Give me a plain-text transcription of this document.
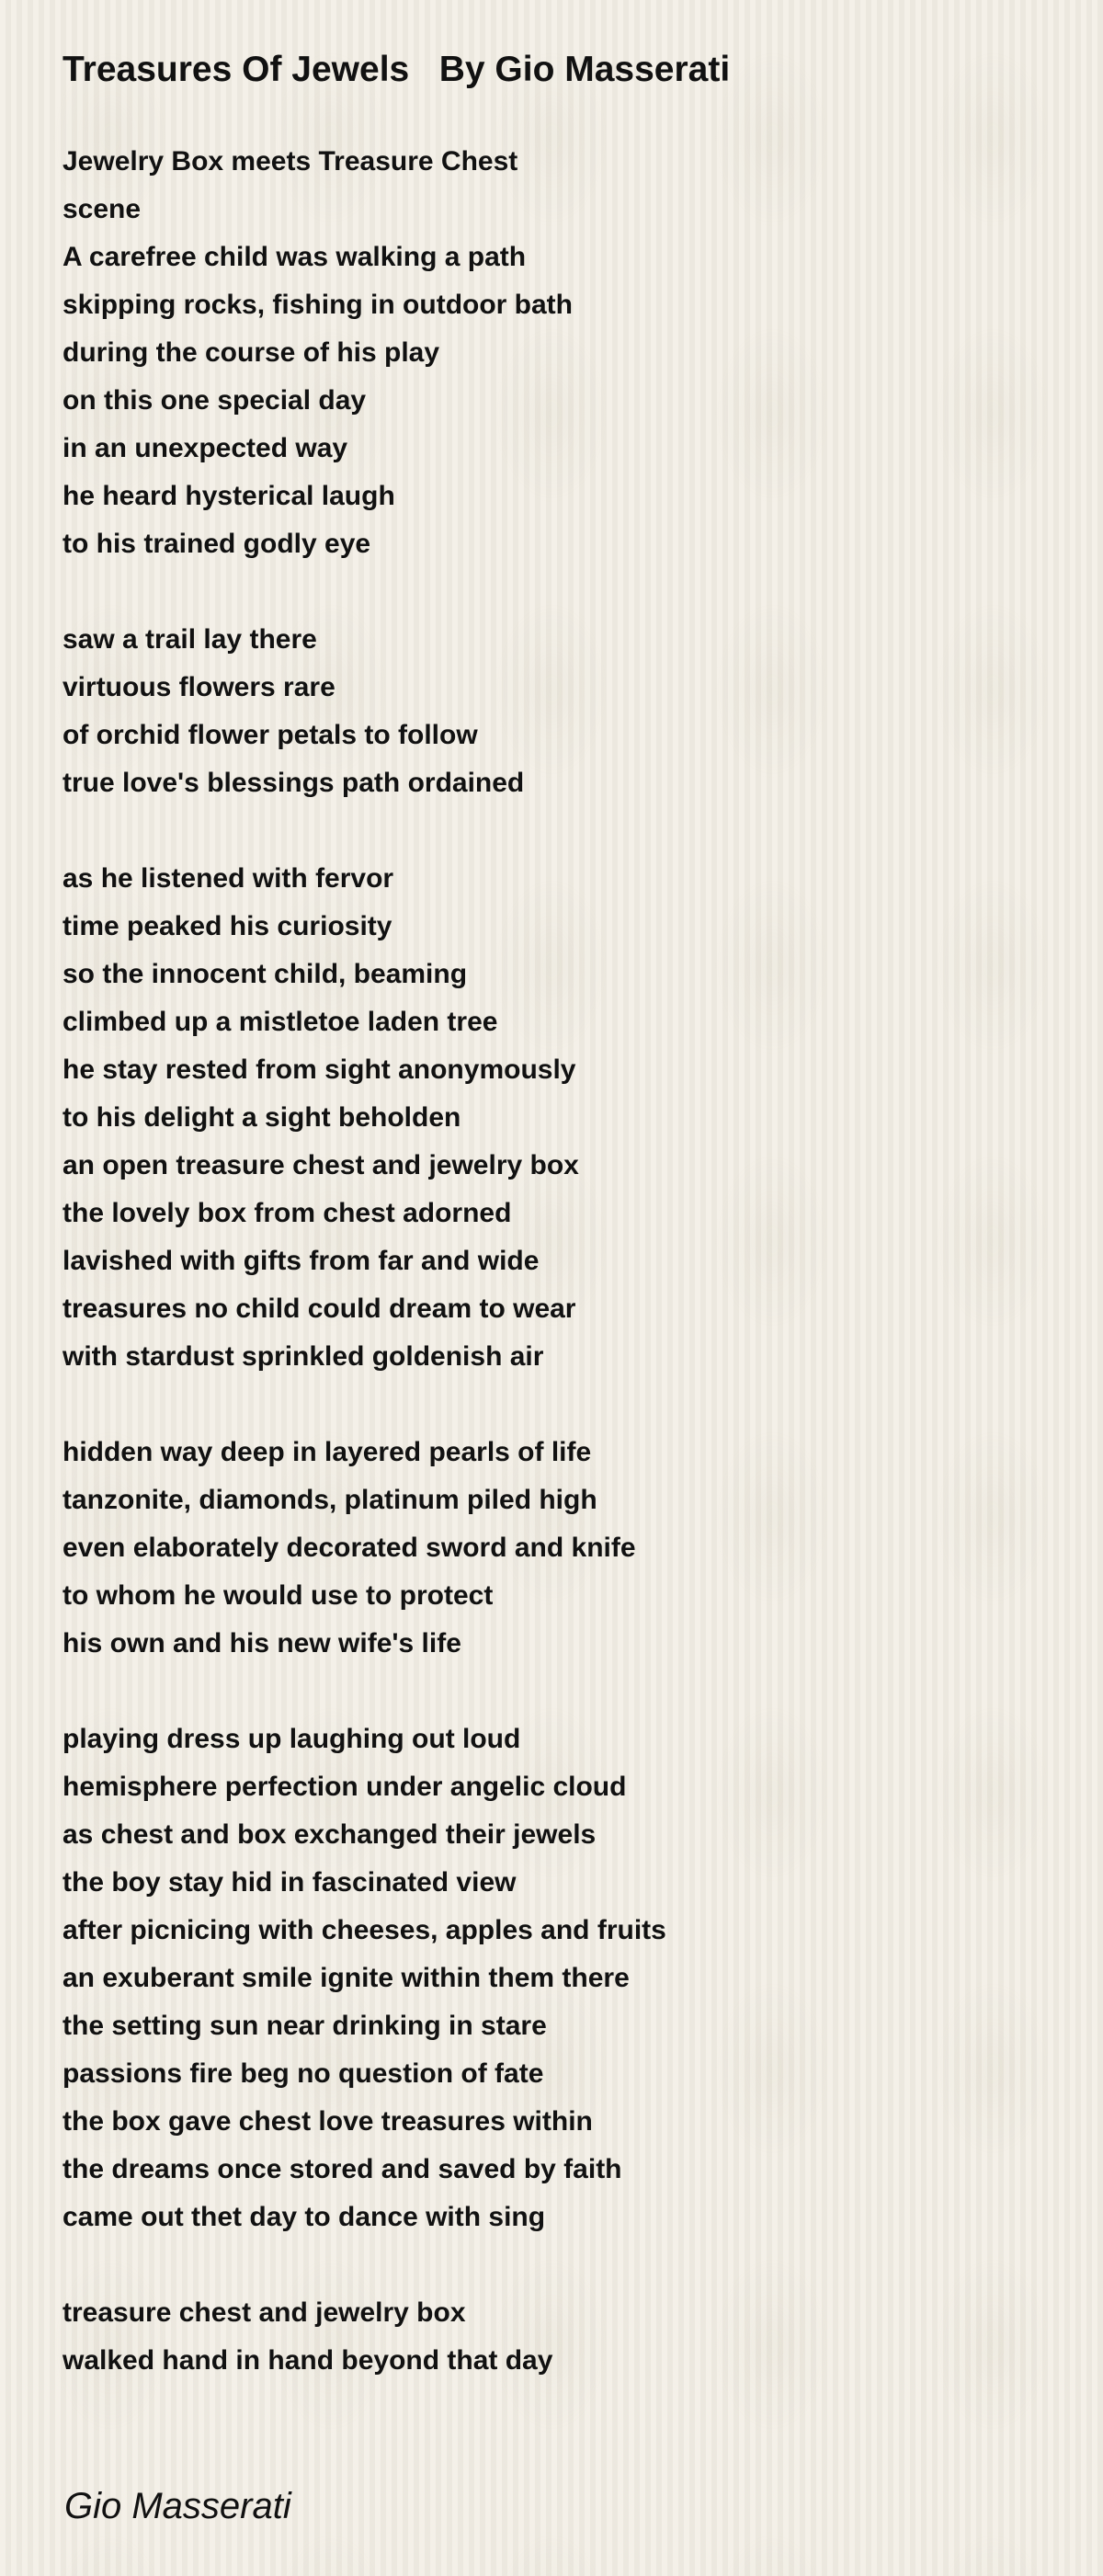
Treasures Of Jewels   By Gio Masserati
Jewelry Box meets Treasure Chest
scene
A carefree child was walking a path
skipping rocks, fishing in outdoor bath
during the course of his play
on this one special day
in an unexpected way
he heard hysterical laugh
to his trained godly eye
saw a trail lay there
virtuous flowers rare
of orchid flower petals to follow
true love's blessings path ordained
as he listened with fervor
time peaked his curiosity
so the innocent child, beaming
climbed up a mistletoe laden tree
he stay rested from sight anonymously
to his delight a sight beholden
an open treasure chest and jewelry box
the lovely box from chest adorned
lavished with gifts from far and wide
treasures no child could dream to wear
with stardust sprinkled goldenish air
hidden way deep in layered pearls of life
tanzonite, diamonds, platinum piled high
even elaborately decorated sword and knife
to whom he would use to protect
his own and his new wife's life
playing dress up laughing out loud
hemisphere perfection under angelic cloud
as chest and box exchanged their jewels
the boy stay hid in fascinated view
after picnicing with cheeses, apples and fruits
an exuberant smile ignite within them there
the setting sun near drinking in stare
passions fire beg no question of fate
the box gave chest love treasures within
the dreams once stored and saved by faith
came out thet day to dance with sing
treasure chest and jewelry box
walked hand in hand beyond that day
Gio Masserati
